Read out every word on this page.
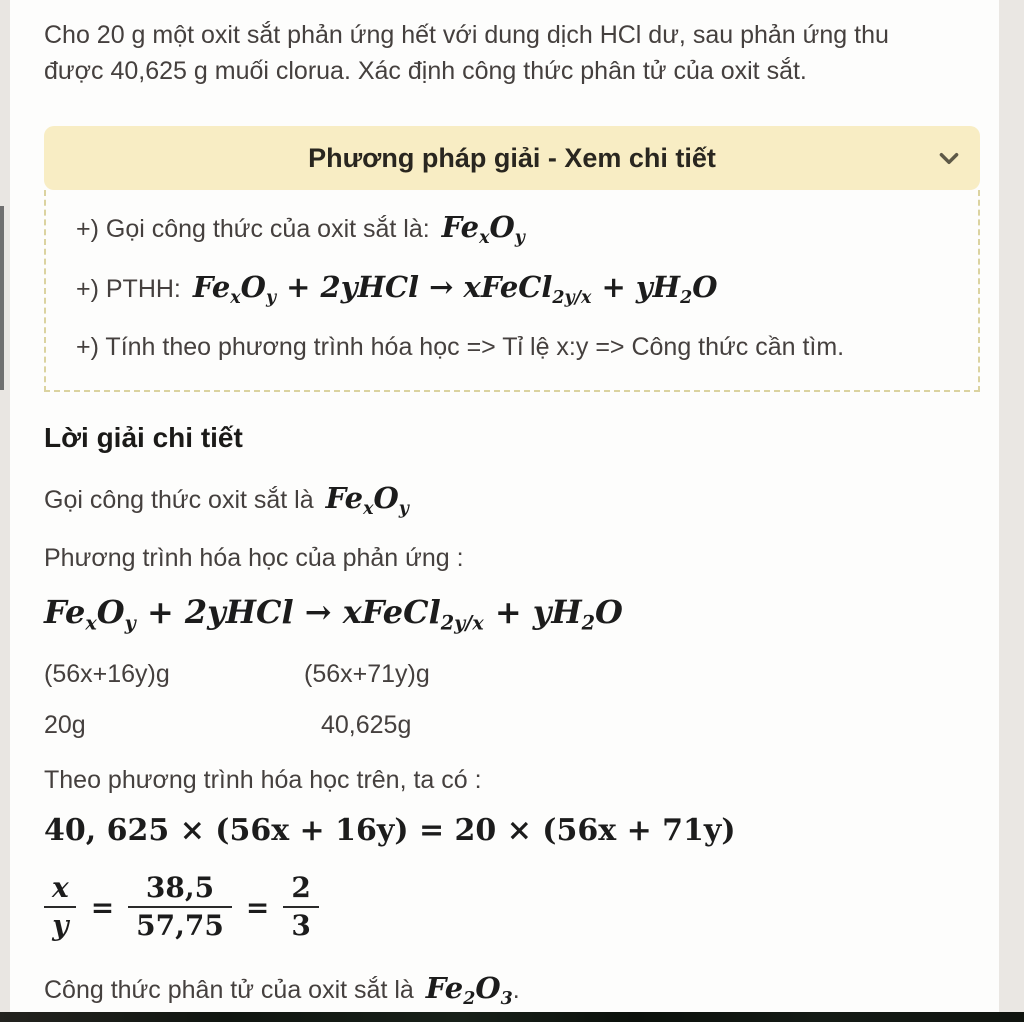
Cho 20 g một oxit sắt phản ứng hết với dung dịch HCl dư, sau phản ứng thu
được 40,625 g muối clorua. Xác định công thức phân tử của oxit sắt.

Phương pháp giải - Xem chi tiết

+) Gọi công thức của oxit sắt là: $Fe_xO_y$

+) PTHH: $Fe_xO_y$ + 2yHCl → xFeCl$_{2y/x}$ + $yH_2O$

+) Tính theo phương trình hóa học => Tỉ lệ x:y => Công thức cần tìm.

Lời giải chi tiết

Gọi công thức oxit sắt là $Fe_xO_y$

Phương trình hóa học của phản ứng :

$Fe_xO_y$ + 2yHCl → xFeCl$_{2y/x}$ + $yH_2O$
(56x+16y)g	(56x+71y)g
20g	40,625g

Theo phương trình hóa học trên, ta có :

40, 625 × (56x + 16y) = 20 × (56x + 71y)
$\frac{x}{y} = \frac{38,5}{57,75} = \frac{2}{3}$

Công thức phân tử của oxit sắt là $Fe_2O_3$.
